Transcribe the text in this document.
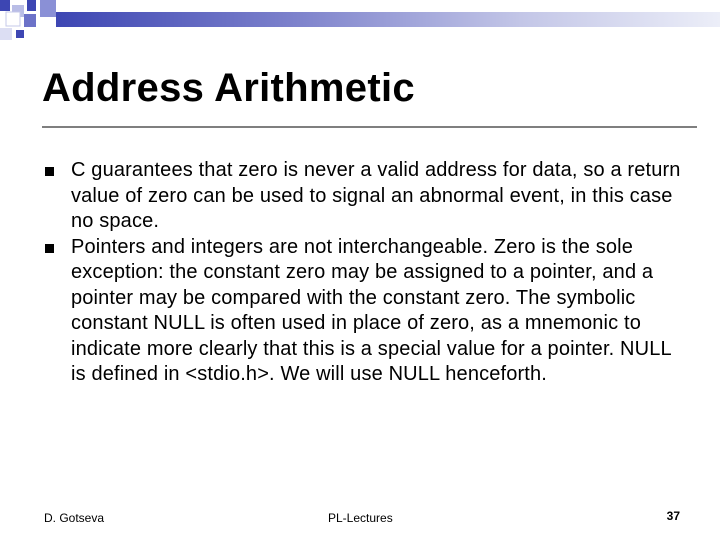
Address Arithmetic
C guarantees that zero is never a valid address for data, so a return value of zero can be used to signal an abnormal event, in this case no space.
Pointers and integers are not interchangeable. Zero is the sole exception: the constant zero may be assigned to a pointer, and a pointer may be compared with the constant zero. The symbolic constant NULL is often used in place of zero, as a mnemonic to indicate more clearly that this is a special value for a pointer. NULL is defined in <stdio.h>. We will use NULL henceforth.
D. Gotseva	PL-Lectures	37
